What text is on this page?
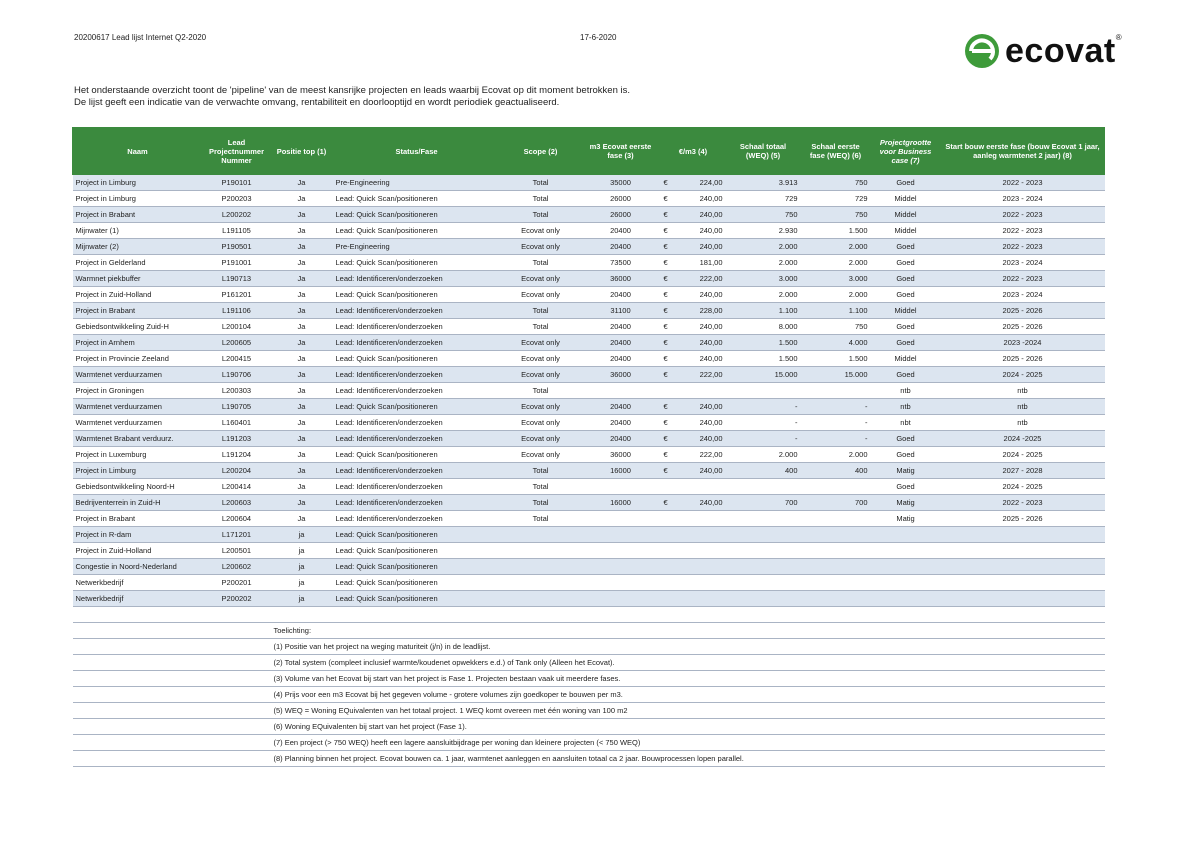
20200617 Lead lijst Internet Q2-2020	17-6-2020	ecovat®
Het onderstaande overzicht toont de 'pipeline' van de meest kansrijke projecten en leads waarbij Ecovat op dit moment betrokken is.
De lijst geeft een indicatie van de verwachte omvang, rentabiliteit en doorlooptijd en wordt periodiek geactualiseerd.
Naam	Lead Projectnummer Nummer	Positie top (1)	Status/Fase	Scope (2)	m3 Ecovat eerste fase (3)	€/m3 (4)		Schaal totaal (WEQ) (5)	Schaal eerste fase (WEQ) (6)	Projectgrootte voor Business case (7)	Start bouw eerste fase (bouw Ecovat 1 jaar, aanleg warmtenet 2 jaar) (8)
Project in Limburg	P190101	Ja	Pre-Engineering	Total	35000	€	224,00	3.913	750	Goed	2022 - 2023
Project in Limburg	P200203	Ja	Lead: Quick Scan/positioneren	Total	26000	€	240,00	729	729	Middel	2023 - 2024
Project in Brabant	L200202	Ja	Lead: Quick Scan/positioneren	Total	26000	€	240,00	750	750	Middel	2022 - 2023
Mijnwater (1)	L191105	Ja	Lead: Quick Scan/positioneren	Ecovat only	20400	€	240,00	2.930	1.500	Middel	2022 - 2023
Mijnwater (2)	P190501	Ja	Pre-Engineering	Ecovat only	20400	€	240,00	2.000	2.000	Goed	2022 - 2023
Project in Gelderland	P191001	Ja	Lead: Quick Scan/positioneren	Total	73500	€	181,00	2.000	2.000	Goed	2023 - 2024
Warmnet piekbuffer	L190713	Ja	Lead: Identificeren/onderzoeken	Ecovat only	36000	€	222,00	3.000	3.000	Goed	2022 - 2023
Project in Zuid-Holland	P161201	Ja	Lead: Quick Scan/positioneren	Ecovat only	20400	€	240,00	2.000	2.000	Goed	2023 - 2024
Project in Brabant	L191106	Ja	Lead: Identificeren/onderzoeken	Total	31100	€	228,00	1.100	1.100	Middel	2025 - 2026
Gebiedsontwikkeling Zuid-H	L200104	Ja	Lead: Identificeren/onderzoeken	Total	20400	€	240,00	8.000	750	Goed	2025 - 2026
Project in Arnhem	L200605	Ja	Lead: Identificeren/onderzoeken	Ecovat only	20400	€	240,00	1.500	4.000	Goed	2023 -2024
Project in Provincie Zeeland	L200415	Ja	Lead: Quick Scan/positioneren	Ecovat only	20400	€	240,00	1.500	1.500	Middel	2025 - 2026
Warmtenet verduurzamen	L190706	Ja	Lead: Identificeren/onderzoeken	Ecovat only	36000	€	222,00	15.000	15.000	Goed	2024 - 2025
Project in Groningen	L200303	Ja	Lead: Identificeren/onderzoeken	Total						ntb	ntb
Warmtenet verduurzamen	L190705	Ja	Lead: Quick Scan/positioneren	Ecovat only	20400	€	240,00	-	-	ntb	ntb
Warmtenet verduurzamen	L160401	Ja	Lead: Identificeren/onderzoeken	Ecovat only	20400	€	240,00	-	-	nbt	ntb
Warmtenet Brabant verduurz.	L191203	Ja	Lead: Identificeren/onderzoeken	Ecovat only	20400	€	240,00	-	-	Goed	2024 -2025
Project in Luxemburg	L191204	Ja	Lead: Quick Scan/positioneren	Ecovat only	36000	€	222,00	2.000	2.000	Goed	2024 - 2025
Project in Limburg	L200204	Ja	Lead: Identificeren/onderzoeken	Total	16000	€	240,00	400	400	Matig	2027 - 2028
Gebiedsontwikkeling Noord-H	L200414	Ja	Lead: Identificeren/onderzoeken	Total						Goed	2024 - 2025
Bedrijventerrein in Zuid-H	L200603	Ja	Lead: Identificeren/onderzoeken	Total	16000	€	240,00	700	700	Matig	2022 - 2023
Project in Brabant	L200604	Ja	Lead: Identificeren/onderzoeken	Total						Matig	2025 - 2026
Project in R-dam	L171201	ja	Lead: Quick Scan/positioneren								
Project in Zuid-Holland	L200501	ja	Lead: Quick Scan/positioneren								
Congestie in Noord-Nederland	L200602	ja	Lead: Quick Scan/positioneren								
Netwerkbedrijf	P200201	ja	Lead: Quick Scan/positioneren								
Netwerkbedrijf	P200202	ja	Lead: Quick Scan/positioneren								

		Toelichting:									
		(1) Positie van het project na weging maturiteit (j/n) in de leadlijst.									
		(2) Total system (compleet inclusief warmte/koudenet opwekkers e.d.) of Tank only (Alleen het Ecovat).									
		(3) Volume van het Ecovat bij start van het project is Fase 1. Projecten bestaan vaak uit meerdere fases.									
		(4) Prijs voor een m3 Ecovat bij het gegeven volume - grotere volumes zijn goedkoper te bouwen per m3.									
		(5) WEQ = Woning EQuivalenten van het totaal project. 1 WEQ komt overeen met één woning van 100 m2									
		(6) Woning EQuivalenten bij start van het project (Fase 1).									
		(7) Een project (> 750 WEQ) heeft een lagere aansluitbijdrage per woning dan kleinere projecten (< 750 WEQ)									
		(8) Planning binnen het project. Ecovat bouwen ca. 1 jaar, warmtenet aanleggen en aansluiten totaal ca 2 jaar. Bouwprocessen lopen parallel.									
